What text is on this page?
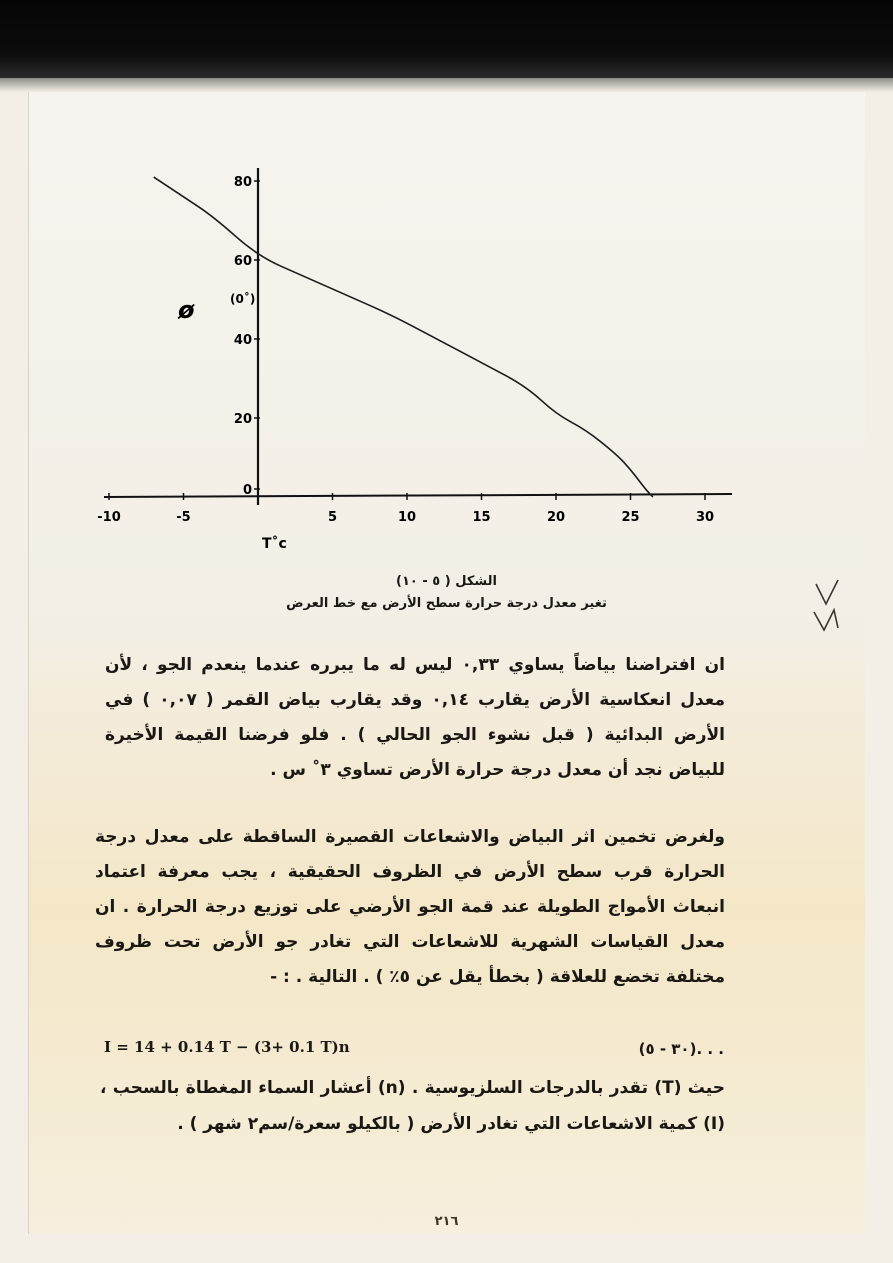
-10	-5	5	10	15	20	25	30
80
60
40
20
0
T˚c
ø	(0˚)
الشكل ( ٥ - ١٠)
تغير معدل درجة حرارة سطح الأرض مع خط العرض
ان افتراضنا بياضاً يساوي ٠,٣٣ ليس له ما يبرره عندما ينعدم الجو ، لأن معدل انعكاسية الأرض يقارب ٠,١٤ وقد يقارب بياض القمر ( ٠,٠٧ ) في الأرض البدائية ( قبل نشوء الجو الحالي ) . فلو فرضنا القيمة الأخيرة للبياض نجد أن معدل درجة حرارة الأرض تساوي ٣˚ س .
ولغرض تخمين اثر البياض والاشعاعات القصيرة الساقطة على معدل درجة الحرارة قرب سطح الأرض في الظروف الحقيقية ، يجب معرفة اعتماد انبعاث الأمواج الطويلة عند قمة الجو الأرضي على توزيع درجة الحرارة . ان معدل القياسات الشهرية للاشعاعات التي تغادر جو الأرض تحت ظروف مختلفة تخضع للعلاقة ( بخطأ يقل عن ٥٪ ) . التالية . : -
I = 14 + 0.14 T − (3+ 0.1 T)n	. . .(٣٠ - ٥)
حيث (T) تقدر بالدرجات السلزيوسية . (n) أعشار السماء المغطاة بالسحب ، (I) كمية الاشعاعات التي تغادر الأرض ( بالكيلو سعرة/سم٢ شهر ) .
٢١٦
